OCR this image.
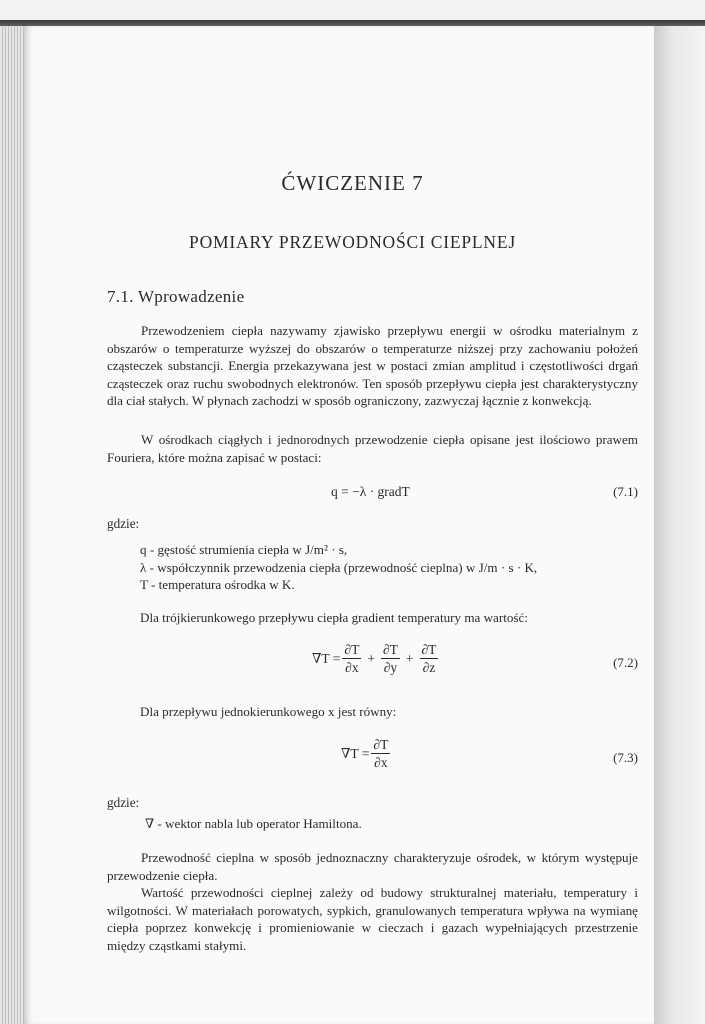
ĆWICZENIE 7
POMIARY PRZEWODNOŚCI CIEPLNEJ
7.1. Wprowadzenie
Przewodzeniem ciepła nazywamy zjawisko przepływu energii w ośrodku materialnym z obszarów o temperaturze wyższej do obszarów o temperaturze niższej przy zachowaniu położeń cząsteczek substancji. Energia przekazywana jest w postaci zmian amplitud i częstotliwości drgań cząsteczek oraz ruchu swobodnych elektronów. Ten sposób przepływu ciepła jest charakterystyczny dla ciał stałych. W płynach zachodzi w sposób ograniczony, zazwyczaj łącznie z konwekcją.
W ośrodkach ciągłych i jednorodnych przewodzenie ciepła opisane jest ilościowo prawem Fouriera, które można zapisać w postaci:
q = −λ · gradT	(7.1)
gdzie:
q - gęstość strumienia ciepła w J/m² · s,
λ - współczynnik przewodzenia ciepła (przewodność cieplna) w J/m · s · K,
T - temperatura ośrodka w K.
Dla trójkierunkowego przepływu ciepła gradient temperatury ma wartość:
$\nabla T = \frac{\partial T}{\partial x} + \frac{\partial T}{\partial y} + \frac{\partial T}{\partial z}$	(7.2)
Dla przepływu jednokierunkowego x jest równy:
$\nabla T = \frac{\partial T}{\partial x}$	(7.3)
gdzie:
∇ - wektor nabla lub operator Hamiltona.
Przewodność cieplna w sposób jednoznaczny charakteryzuje ośrodek, w którym występuje przewodzenie ciepła.
Wartość przewodności cieplnej zależy od budowy strukturalnej materiału, temperatury i wilgotności. W materiałach porowatych, sypkich, granulowanych temperatura wpływa na wymianę ciepła poprzez konwekcję i promieniowanie w cieczach i gazach wypełniających przestrzenie między cząstkami stałymi.
